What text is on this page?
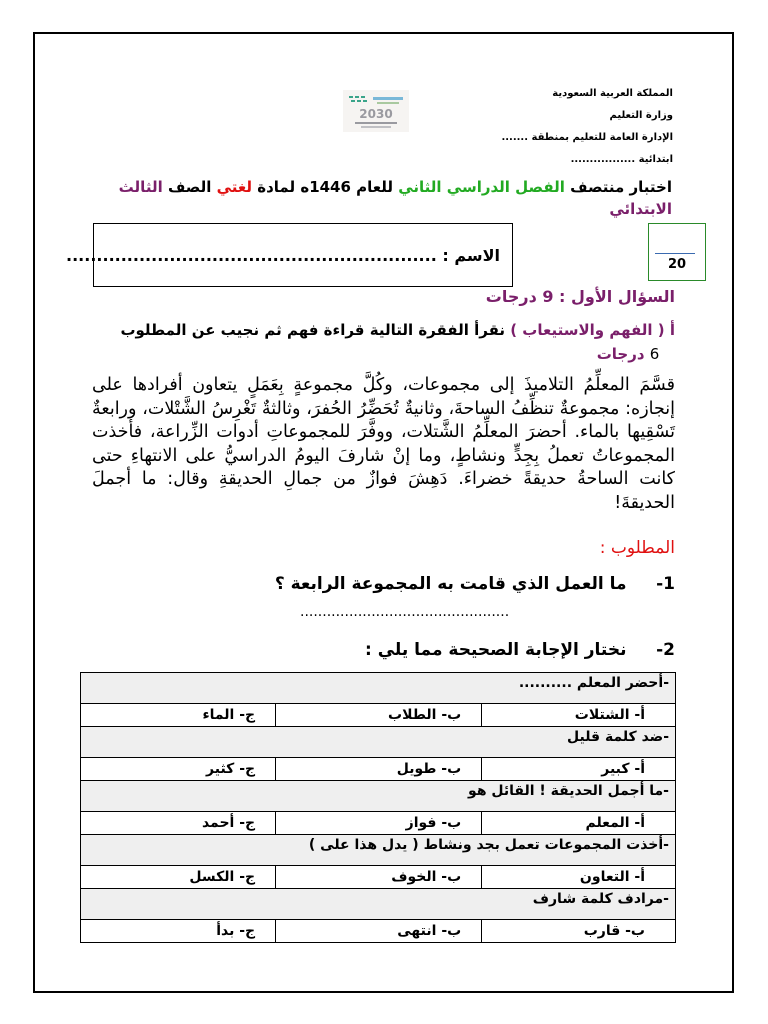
المملكة العربية السعودية
وزارة التعليم
الإدارة العامة للتعليم بمنطقة .......
ابتدائية .................
2030
اختبار منتصف الفصل الدراسي الثاني للعام 1446ه لمادة لغتي الصف الثالث الابتدائي
الاسم : .............................................................	20
السؤال الأول : 9 درجات
أ ( الفهم والاستيعاب ) نقرأ الفقرة التالية قراءة فهم ثم نجيب عن المطلوب    6 درجات
قسَّمَ المعلِّمُ التلاميذَ إلى مجموعات، وكُلَّ مجموعةٍ بِعَمَلٍ يتعاون أفرادها على إنجازه: مجموعةٌ تنظِّفُ الساحةَ، وثانيةٌ تُحَضِّرُ الحُفرَ، وثالثةٌ تَغْرِسُ الشَّتْلات، ورابعةٌ تَسْقِيها بالماء. أحضرَ المعلِّمُ الشَّتلات، ووفَّرَ للمجموعاتِ أدوات الزِّراعة، فأخذت المجموعاتُ تعملُ بِجِدٍّ ونشاطٍ، وما إنْ شارفَ اليومُ الدراسيُّ على الانتهاءِ حتى كانت الساحةُ حديقةً خضراءَ. دَهِشَ فوازٌ من جمالِ الحديقةِ وقال: ما أجملَ الحديقةَ!
المطلوب :
1-     ما العمل الذي قامت به المجموعة الرابعة ؟
...............................................
2-     نختار الإجابة الصحيحة مما يلي :
-أحضر المعلم ..........		
أ- الشتلات	ب- الطلاب	ج- الماء
-ضد كلمة قليل		
أ- كبير	ب- طويل	ج- كثير
-ما أجمل الحديقة ! القائل هو		
أ- المعلم	ب- فواز	ج- أحمد
-أخذت المجموعات تعمل بجد ونشاط ( يدل هذا على )		
أ- التعاون	ب- الخوف	ج- الكسل
-مرادف كلمة شارف		
ب- قارب	ب- انتهى	ج- بدأ
